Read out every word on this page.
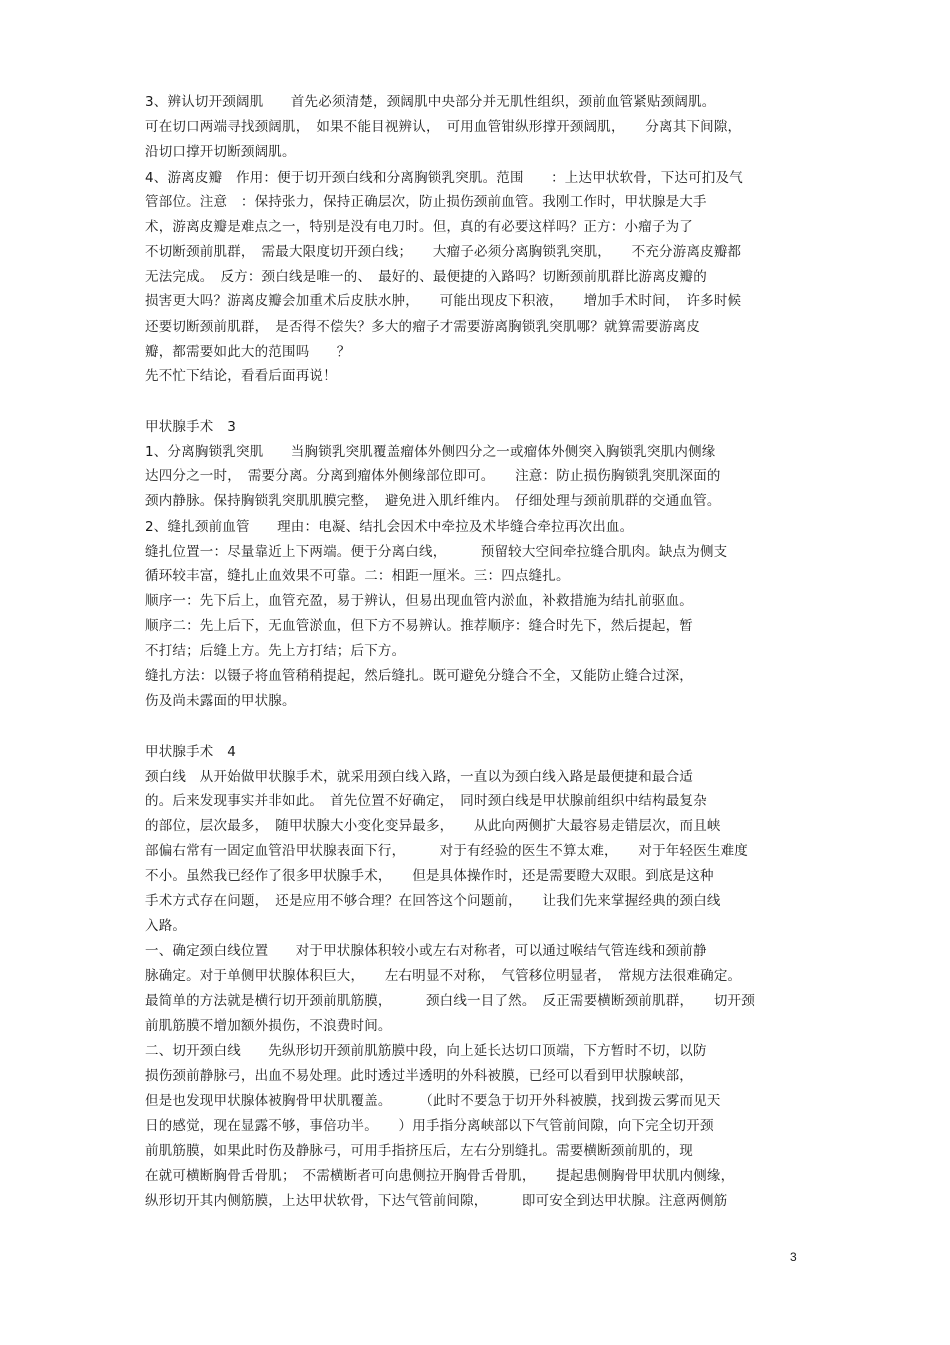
3、辨认切开颈阔肌　　首先必须清楚，颈阔肌中央部分并无肌性组织，颈前血管紧贴颈阔肌。
可在切口两端寻找颈阔肌，　如果不能目视辨认，　可用血管钳纵形撑开颈阔肌，　　分离其下间隙，
沿切口撑开切断颈阔肌。
4、游离皮瓣　作用：便于切开颈白线和分离胸锁乳突肌。范围　　：上达甲状软骨，下达可扪及气
管部位。注意　：保持张力，保持正确层次，防止损伤颈前血管。我刚工作时，甲状腺是大手
术，游离皮瓣是难点之一，特别是没有电刀时。但，真的有必要这样吗？正方：小瘤子为了
不切断颈前肌群，　需最大限度切开颈白线；　　大瘤子必须分离胸锁乳突肌，　　不充分游离皮瓣都
无法完成。　反方：颈白线是唯一的、　最好的、最便捷的入路吗？切断颈前肌群比游离皮瓣的
损害更大吗？游离皮瓣会加重术后皮肤水肿，　　可能出现皮下积液，　　增加手术时间，　许多时候
还要切断颈前肌群，　是否得不偿失？多大的瘤子才需要游离胸锁乳突肌哪？就算需要游离皮
瓣，都需要如此大的范围吗　　？
先不忙下结论，看看后面再说！
甲状腺手术　3
1、分离胸锁乳突肌　　当胸锁乳突肌覆盖瘤体外侧四分之一或瘤体外侧突入胸锁乳突肌内侧缘
达四分之一时，　需要分离。分离到瘤体外侧缘部位即可。　　注意：防止损伤胸锁乳突肌深面的
颈内静脉。保持胸锁乳突肌肌膜完整，　避免进入肌纤维内。　仔细处理与颈前肌群的交通血管。
2、缝扎颈前血管　　理由：电凝、结扎会因术中牵拉及术毕缝合牵拉再次出血。
缝扎位置一：尽量靠近上下两端。便于分离白线，　　　预留较大空间牵拉缝合肌肉。缺点为侧支
循环较丰富，缝扎止血效果不可靠。二：相距一厘米。三：四点缝扎。
顺序一：先下后上，血管充盈，易于辨认，但易出现血管内淤血，补救措施为结扎前驱血。
顺序二：先上后下，无血管淤血，但下方不易辨认。推荐顺序：缝合时先下，然后提起，暂
不打结；后缝上方。先上方打结；后下方。
缝扎方法：以镊子将血管稍稍提起，然后缝扎。既可避免分缝合不全，又能防止缝合过深，
伤及尚未露面的甲状腺。
甲状腺手术　4
颈白线　从开始做甲状腺手术，就采用颈白线入路，一直以为颈白线入路是最便捷和最合适
的。后来发现事实并非如此。　首先位置不好确定，　同时颈白线是甲状腺前组织中结构最复杂
的部位，层次最多，　随甲状腺大小变化变异最多，　　从此向两侧扩大最容易走错层次，而且峡
部偏右常有一固定血管沿甲状腺表面下行，　　　对于有经验的医生不算太难，　　对于年轻医生难度
不小。虽然我已经作了很多甲状腺手术，　　但是具体操作时，还是需要瞪大双眼。到底是这种
手术方式存在问题，　还是应用不够合理？在回答这个问题前，　　让我们先来掌握经典的颈白线
入路。
一、确定颈白线位置　　对于甲状腺体积较小或左右对称者，可以通过喉结气管连线和颈前静
脉确定。对于单侧甲状腺体积巨大，　　左右明显不对称，　气管移位明显者，　常规方法很难确定。
最简单的方法就是横行切开颈前肌筋膜，　　　颈白线一目了然。　反正需要横断颈前肌群，　　切开颈
前肌筋膜不增加额外损伤，不浪费时间。
二、切开颈白线　　先纵形切开颈前肌筋膜中段，向上延长达切口顶端，下方暂时不切，以防
损伤颈前静脉弓，出血不易处理。此时透过半透明的外科被膜，已经可以看到甲状腺峡部，
但是也发现甲状腺体被胸骨甲状肌覆盖。　　　（此时不要急于切开外科被膜，找到拨云雾而见天
日的感觉，现在显露不够，事倍功半。　　）用手指分离峡部以下气管前间隙，向下完全切开颈
前肌筋膜，如果此时伤及静脉弓，可用手指挤压后，左右分别缝扎。需要横断颈前肌的，现
在就可横断胸骨舌骨肌；　不需横断者可向患侧拉开胸骨舌骨肌，　　提起患侧胸骨甲状肌内侧缘，
纵形切开其内侧筋膜，上达甲状软骨，下达气管前间隙，　　　即可安全到达甲状腺。注意两侧筋
3
